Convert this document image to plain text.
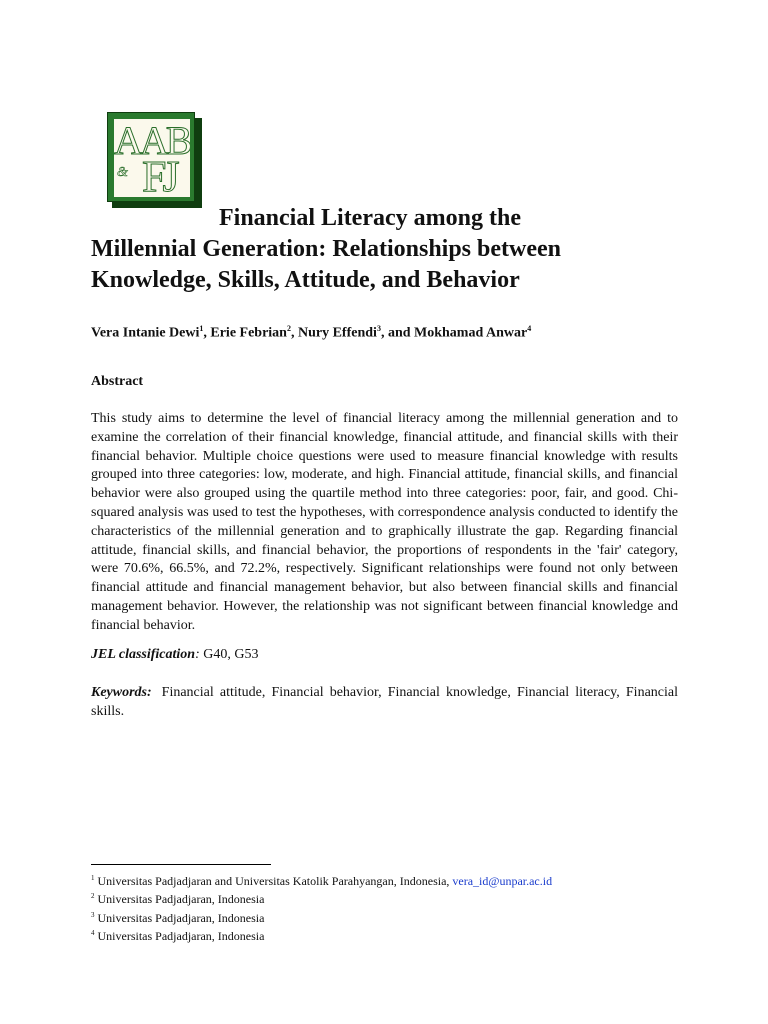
AAB
FJ
&
Financial Literacy among the
Millennial Generation: Relationships between
Knowledge, Skills, Attitude, and Behavior

Vera Intanie Dewi$^1$, Erie Febrian$^2$, Nury Effendi$^3$, and Mokhamad Anwar$^4$

Abstract

This study aims to determine the level of financial literacy among the millennial generation and to examine the correlation of their financial knowledge, financial attitude, and financial skills with their financial behavior. Multiple choice questions were used to measure financial knowledge with results grouped into three categories: low, moderate, and high. Financial attitude, financial skills, and financial behavior were also grouped using the quartile method into three categories: poor, fair, and good. Chi-squared analysis was used to test the hypotheses, with correspondence analysis conducted to identify the characteristics of the millennial generation and to graphically illustrate the gap. Regarding financial attitude, financial skills, and financial behavior, the proportions of respondents in the 'fair' category, were 70.6%, 66.5%, and 72.2%, respectively. Significant relationships were found not only between financial attitude and financial management behavior, but also between financial skills and financial management behavior. However, the relationship was not significant between financial knowledge and financial behavior.

JEL classification: G40, G53

Keywords: Financial attitude, Financial behavior, Financial knowledge, Financial literacy, Financial skills.

$^1$ Universitas Padjadjaran and Universitas Katolik Parahyangan, Indonesia, vera_id@unpar.ac.id
$^2$ Universitas Padjadjaran, Indonesia
$^3$ Universitas Padjadjaran, Indonesia
$^4$ Universitas Padjadjaran, Indonesia
